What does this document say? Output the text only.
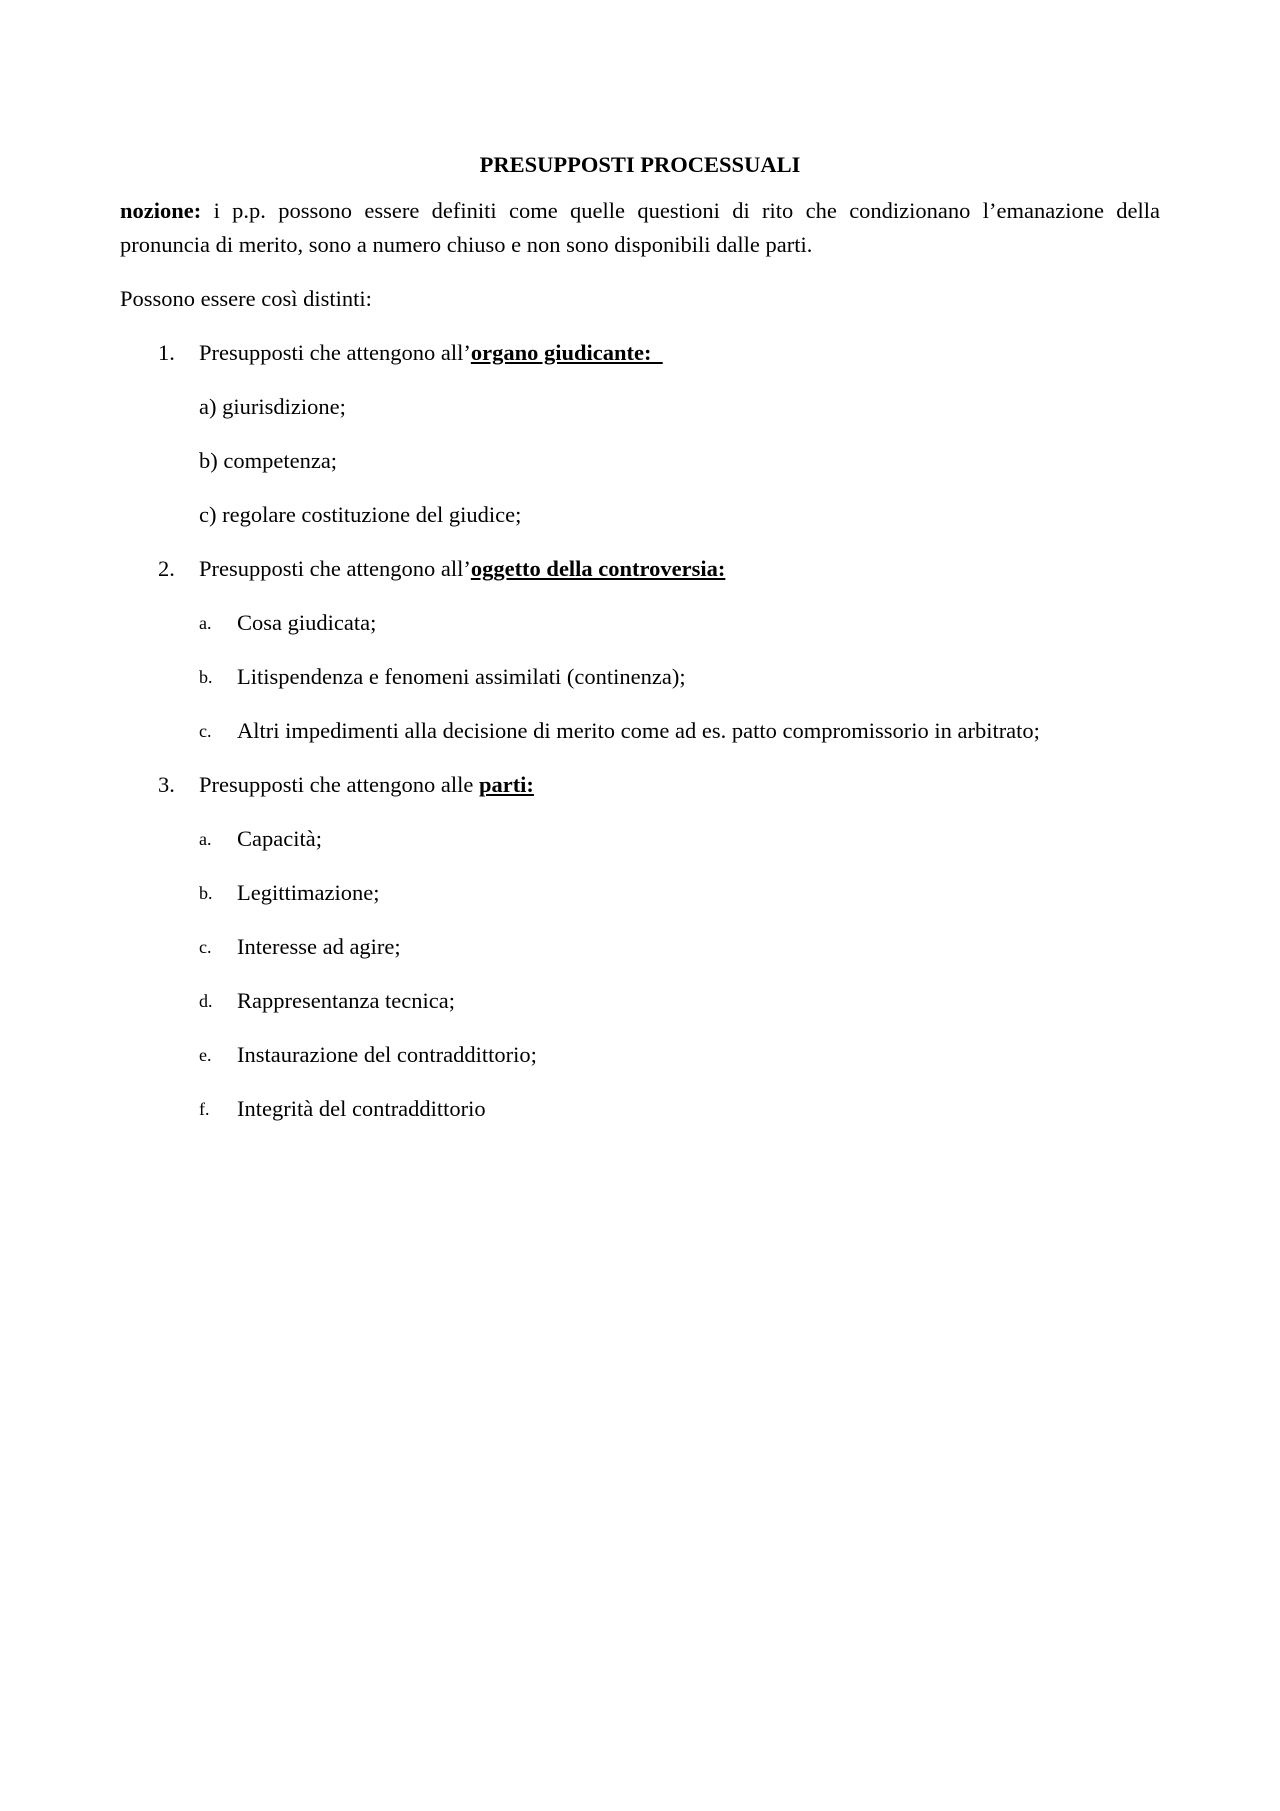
PRESUPPOSTI PROCESSUALI

nozione: i p.p. possono essere definiti come quelle questioni di rito che condizionano l’emanazione della pronuncia di merito, sono a numero chiuso e non sono disponibili dalle parti.

Possono essere così distinti:

1. Presupposti che attengono all’organo giudicante:
a) giurisdizione;
b) competenza;
c) regolare costituzione del giudice;
2. Presupposti che attengono all’oggetto della controversia:
a. Cosa giudicata;
b. Litispendenza e fenomeni assimilati (continenza);
c. Altri impedimenti alla decisione di merito come ad es. patto compromissorio in arbitrato;
3. Presupposti che attengono alle parti:
a. Capacità;
b. Legittimazione;
c. Interesse ad agire;
d. Rappresentanza tecnica;
e. Instaurazione del contraddittorio;
f. Integrità del contraddittorio
